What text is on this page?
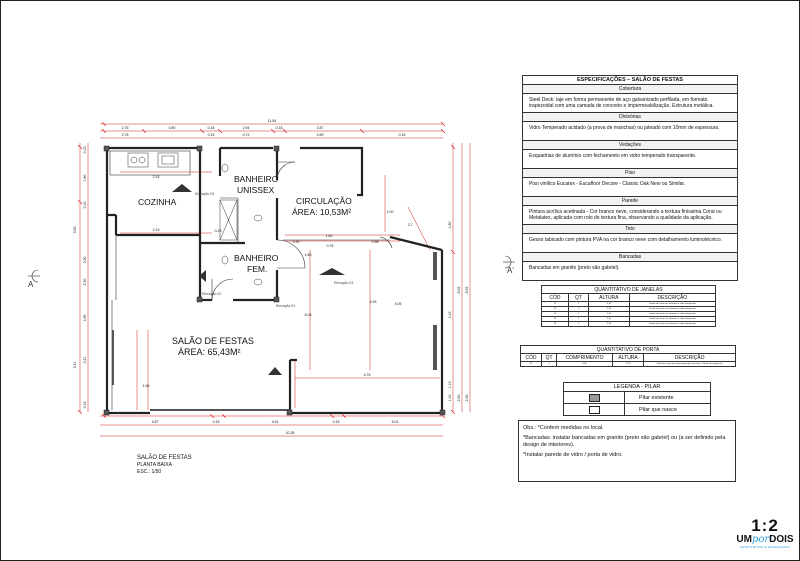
COZINHA
BANHEIRO
UNISSEX
BANHEIRO
FEM.
CIRCULAÇÃO
ÁREA: 10,53M²
SALÃO DE FESTAS
ÁREA: 65,43M²
Elevação 04
Elevação 02
Elevação 03
Elevação 01
A
A'
11.84
2.76	0.80	0.18	2.94	0.18	2.87
2.76	0.15	0.72	2.69	0.15
4.87	0.15	4.91	0.15	5.01
10.28
0.15
1.80
0.15
3.65
3.50
2.30
4.96
3.21
3.41
0.15
1.80
8.02 8.92
4.13
1.13
1.15 2.60 2.36
1.00
2.19
2.15
1.80
0.90	0.98
0.76
4.76
1.80
0.23
4.93
6.03
4.05
1.56
2.7
SALÃO DE FESTAS
PLANTA BAIXA
ESC.: 1/50
ESPECIFICAÇÕES – SALÃO DE FESTAS
Cobertura
Steel Deck: laje em forma permanente de aço galvanizado perfilada, em formato trapezoidal com uma camada de concreto e impermeabilização. Estrutura metálica.
Divisórias
Vidro Temperado acidado (a prova de manchas) ou jateado com 10mm de espessura.
Vedações
Esquadrias de alumínio com fechamento em vidro temperado transparente.
Piso
Piso vinílico Eucatex - Eucafloor Decore - Classic Oak New ou Similar.
Parede
Pintura acrílica acetinada - Cor branco neve, considerando a textura finíssima Coral ou Metalatex, aplicada com rolo de textura fina, observando a qualidade da aplicação.
Teto
Gesso tabicado com pintura PVA na cor branco neve com detalhamento luminotécnico.
Bancadas
Bancadas em granito (preto são gabriel).
QUANTITATIVO DE JANELAS			
CÓD	QT	ALTURA	DESCRIÇÃO
J1	1	2.10	Janela de correr em alumínio e vidro temperado
J2	1	2.10	Janela de correr em alumínio e vidro temperado
J3	1	2.10	Janela de correr em alumínio e vidro temperado
J4	1	2.10	Janela de correr em alumínio e vidro temperado
J5	1	2.10	Janela de correr em alumínio e vidro temperado
QUANTITATIVO DE PORTA				
CÓD	QT	COMPRIMENTO	ALTURA	DESCRIÇÃO
P1	1	0.90	2.10	Porta de correr em vidro temperado (incolor) c/ 10mm de espessura
LEGENDA - PILAR
Pilar existente
Pilar que nasce

Obs.: *Conferir medidas no local.

*Bancadas: instalar bancadas em granito (preto são gabriel) ou (a ser definido pela design de interiores).

*Instalar parede de vidro / porta de vidro.

1:2
UMporDOIS
ARQUITETURA E ENGENHARIA
